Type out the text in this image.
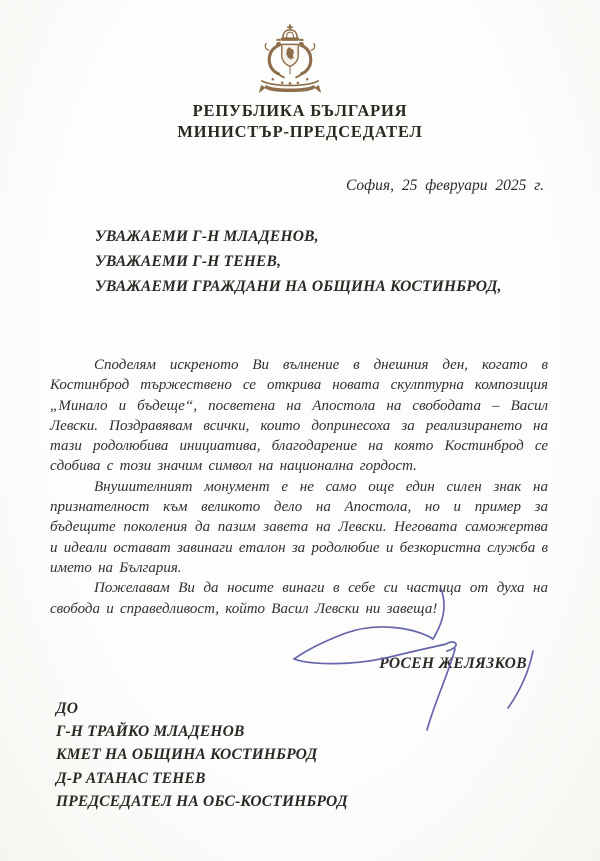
РЕПУБЛИКА БЪЛГАРИЯ
МИНИСТЪР-ПРЕДСЕДАТЕЛ
София, 25 февруари 2025 г.
УВАЖАЕМИ Г-Н МЛАДЕНОВ,
УВАЖАЕМИ Г-Н ТЕНЕВ,
УВАЖАЕМИ ГРАЖДАНИ НА ОБЩИНА КОСТИНБРОД,

Споделям искреното Ви вълнение в днешния ден, когато в Костинброд тържествено се открива новата скулптурна композиция „Минало и бъдеще“, посветена на Апостола на свободата – Васил Левски. Поздравявам всички, които допринесоха за реализирането на тази родолюбива инициатива, благодарение на която Костинброд се сдобива с този значим символ на национална гордост.

Внушителният монумент е не само още един силен знак на признателност към великото дело на Апостола, но и пример за бъдещите поколения да пазим завета на Левски. Неговата саможертва и идеали остават завинаги еталон за родолюбие и безкористна служба в името на България.

Пожелавам Ви да носите винаги в себе си частица от духа на свобода и справедливост, който Васил Левски ни завеща!

РОСЕН ЖЕЛЯЗКОВ
ДО
Г-Н ТРАЙКО МЛАДЕНОВ
КМЕТ НА ОБЩИНА КОСТИНБРОД
Д-Р АТАНАС ТЕНЕВ
ПРЕДСЕДАТЕЛ НА ОБС-КОСТИНБРОД
